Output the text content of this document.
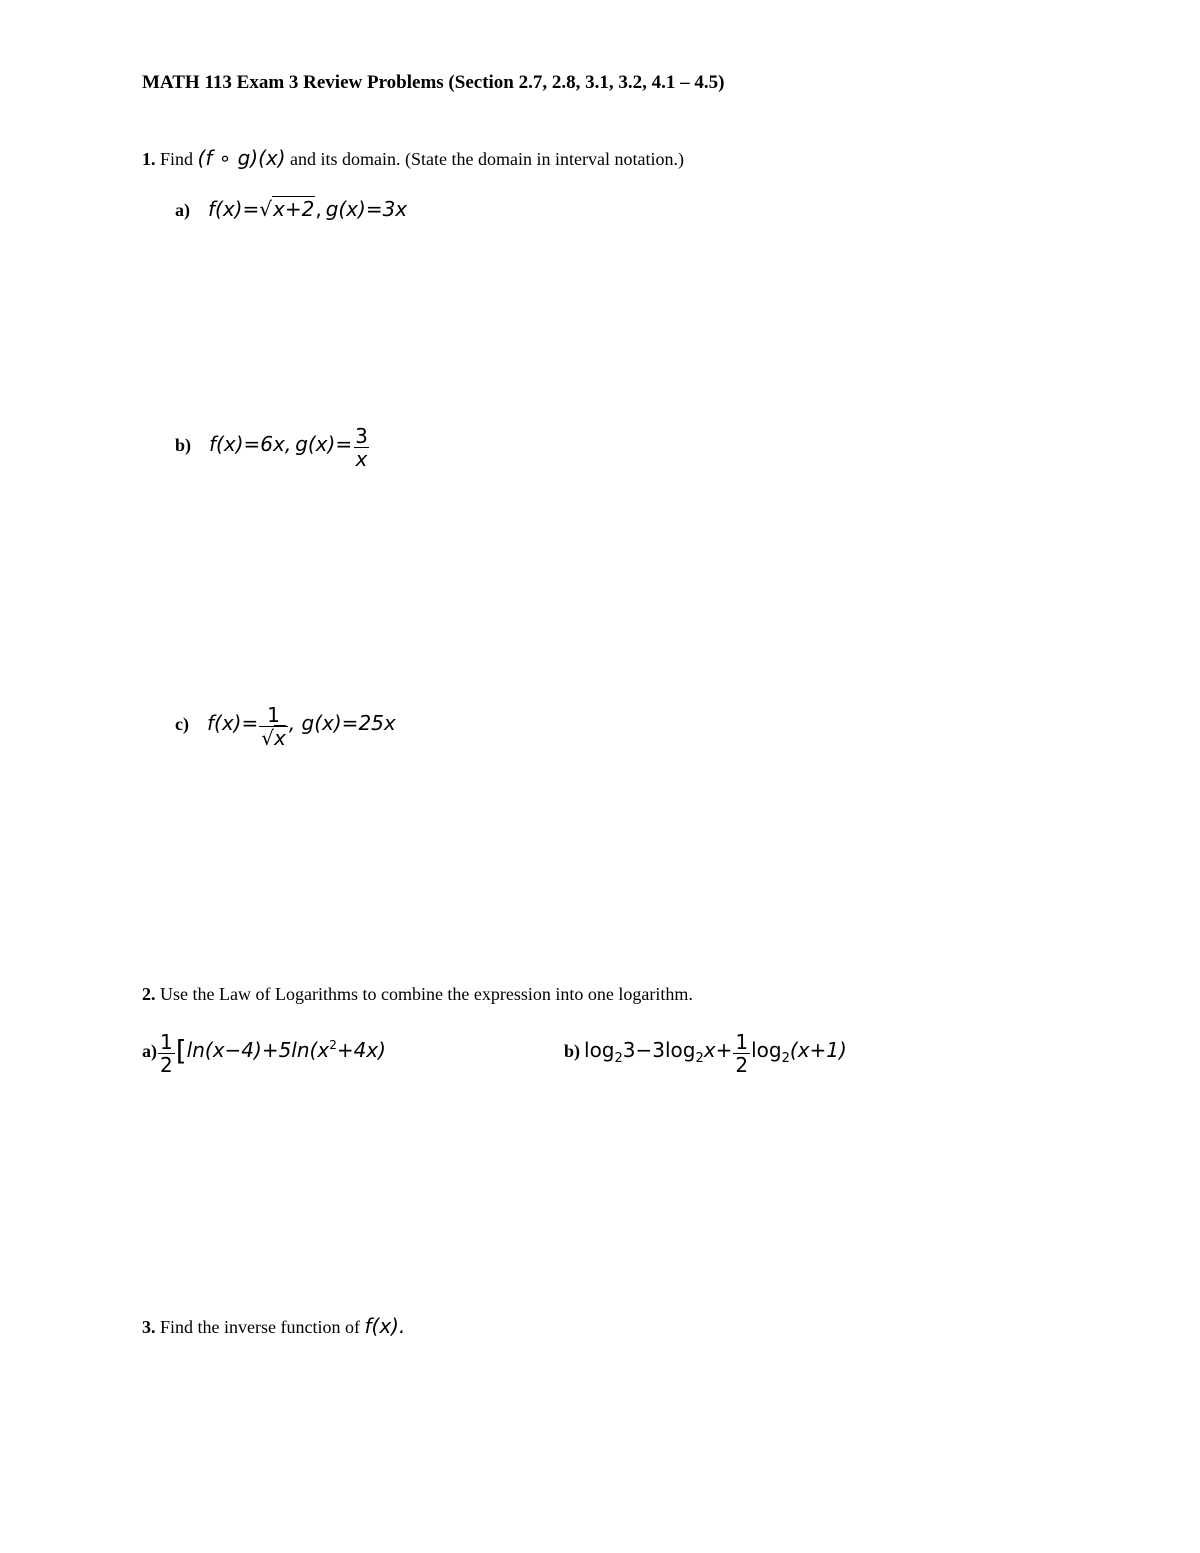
MATH 113 Exam 3 Review Problems (Section 2.7, 2.8, 3.1, 3.2, 4.1 – 4.5)
1. Find (f ∘ g)(x) and its domain. (State the domain in interval notation.)
a) f(x)=√x+2, g(x)=3x
b) f(x)=6x, $g(x)= \frac{3}{x}$
c) $f(x)= \frac{1}{√x}$ , g(x)=25x
2. Use the Law of Logarithms to combine the expression into one logarithm.
$a) \frac{1}{2} [\ln(x-4)+5\ln(x^2+4x)$	b) $\log_23-3\log_2x+ \frac{1}{2} \log_2(x+1)$
3. Find the inverse function of f(x).
